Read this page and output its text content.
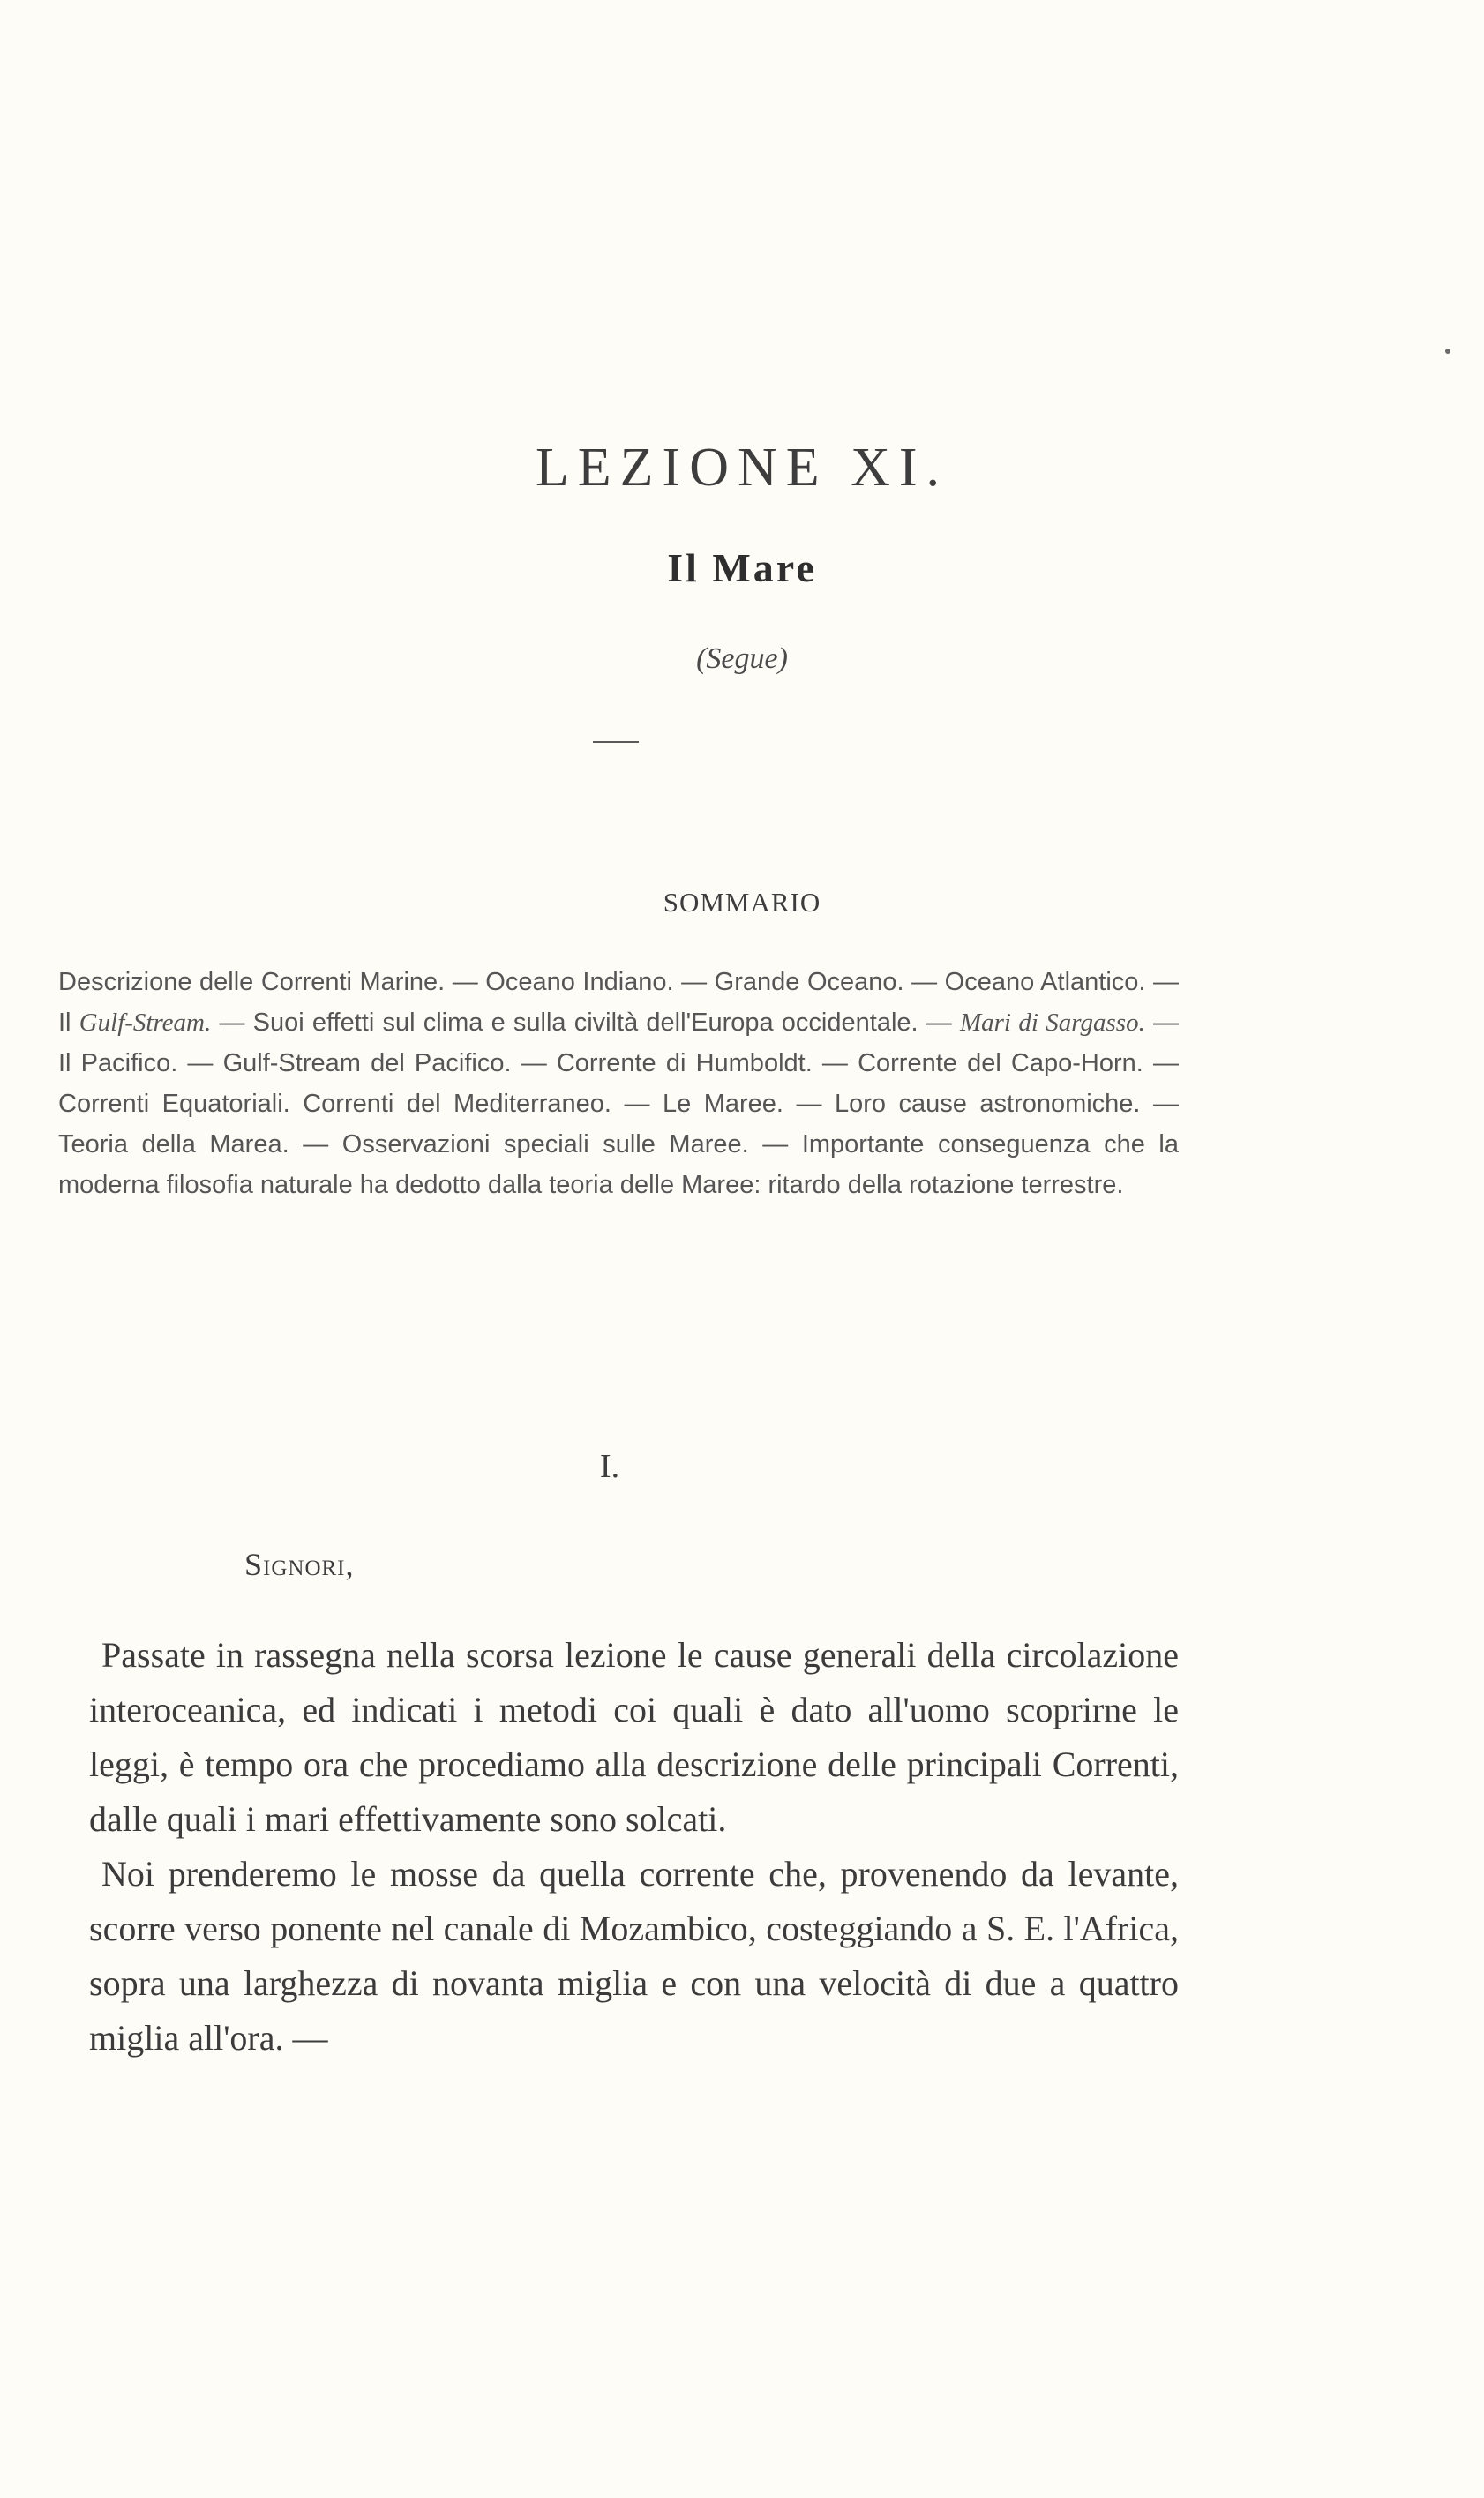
LEZIONE XI.
Il Mare
(Segue)
SOMMARIO
Descrizione delle Correnti Marine. — Oceano Indiano. — Grande Oceano. — Oceano Atlantico. — Il Gulf-Stream. — Suoi effetti sul clima e sulla civiltà dell'Europa occidentale. — Mari di Sargasso. — Il Pacifico. — Gulf-Stream del Pacifico. — Corrente di Humboldt. — Corrente del Capo-Horn. — Correnti Equatoriali. Correnti del Mediterraneo. — Le Maree. — Loro cause astronomiche. — Teoria della Marea. — Osservazioni speciali sulle Maree. — Importante conseguenza che la moderna filosofia naturale ha dedotto dalla teoria delle Maree: ritardo della rotazione terrestre.
I.
Signori,

Passate in rassegna nella scorsa lezione le cause generali della circolazione interoceanica, ed indicati i metodi coi quali è dato all'uomo scoprirne le leggi, è tempo ora che procediamo alla descrizione delle principali Correnti, dalle quali i mari effettivamente sono solcati.

Noi prenderemo le mosse da quella corrente che, provenendo da levante, scorre verso ponente nel canale di Mozambico, costeggiando a S. E. l'Africa, sopra una larghezza di novanta miglia e con una velocità di due a quattro miglia all'ora. —
